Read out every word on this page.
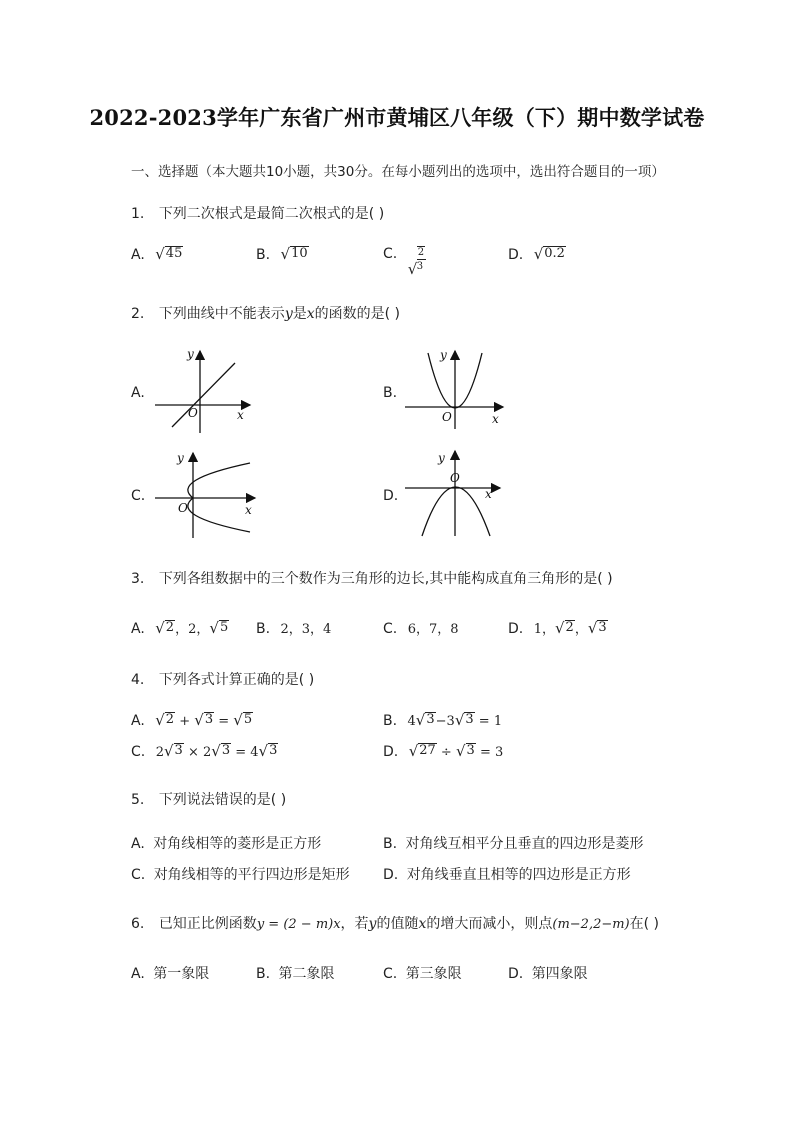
2022-2023学年广东省广州市黄埔区八年级（下）期中数学试卷
一、选择题（本大题共10小题，共30分。在每小题列出的选项中，选出符合题目的一项）
1. 下列二次根式是最简二次根式的是( )
A. √ 45	B. √ 10	C.
√
2
3
D. √ 0.2
2. 下列曲线中不能表示y是x的函数的是( )
A.	B.
C.	D.
y
x
O
y
x
O
y
x
O
y
x
O
3. 下列各组数据中的三个数作为三角形的边长,其中能构成直角三角形的是( )
A. √ 2 ，2， √ 5 B. 2，3，4	C. 6，7，8	D. 1， √ 2 ， √ 3
4. 下列各式计算正确的是( )
A. √ 2 + √ 3 = √ 5	B. 4 √ 3 −3 √ 3 = 1
C. 2 √ 3 × 2 √ 3 = 4 √ 3	D. √ 27 ÷ √ 3 = 3
5. 下列说法错误的是( )
A. 对角线相等的菱形是正方形	B. 对角线互相平分且垂直的四边形是菱形
C. 对角线相等的平行四边形是矩形 D. 对角线垂直且相等的四边形是正方形
6. 已知正比例函数y = (2 − m)x，若y的值随x的增大而减小，则点(m−2,2−m)在( )
A. 第一象限	B. 第二象限	C. 第三象限	D. 第四象限
